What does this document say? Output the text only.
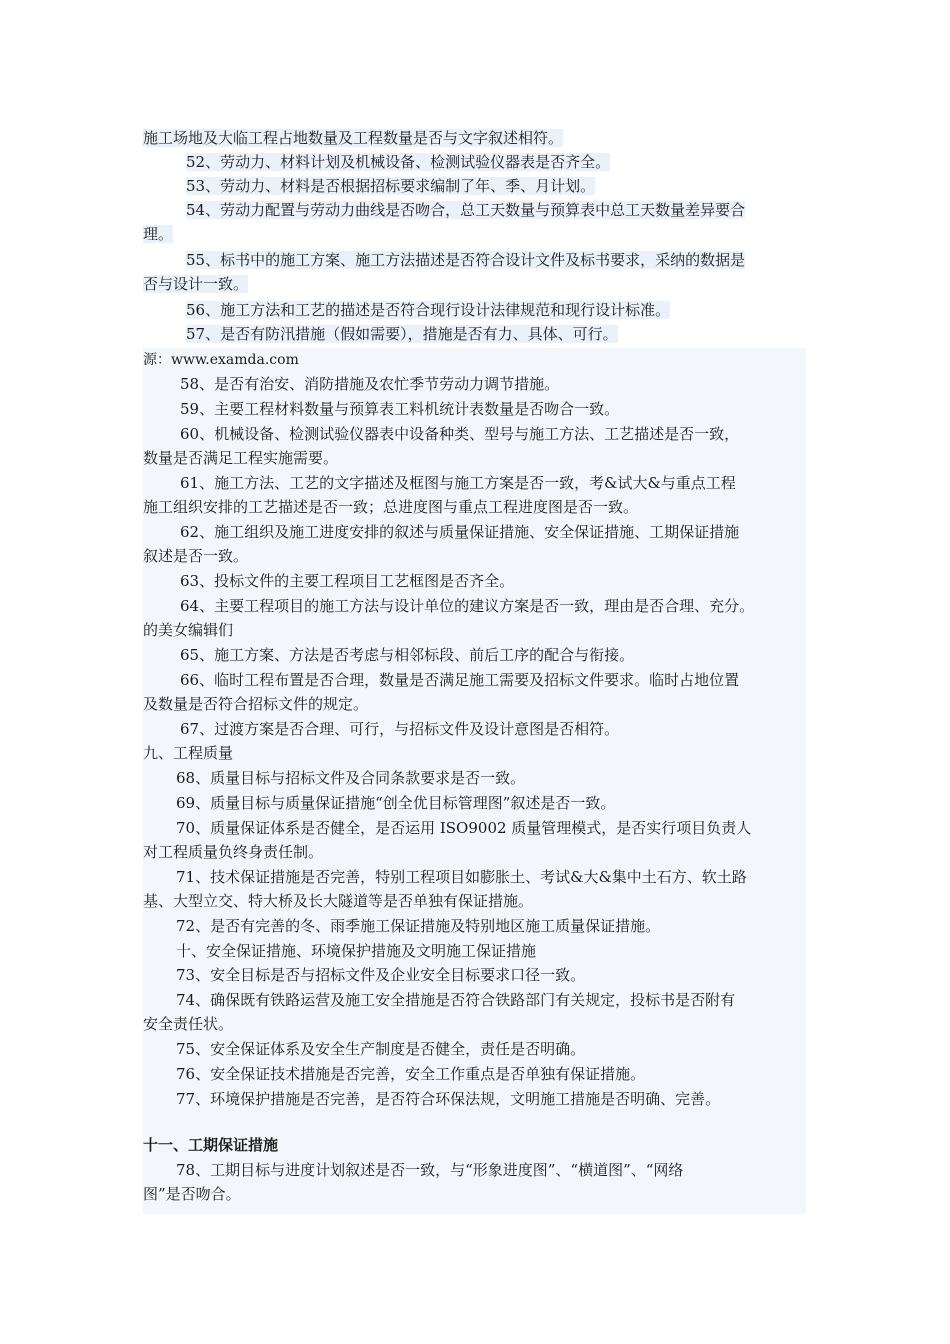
施工场地及大临工程占地数量及工程数量是否与文字叙述相符。
52、劳动力、材料计划及机械设备、检测试验仪器表是否齐全。
53、劳动力、材料是否根据招标要求编制了年、季、月计划。
54、劳动力配置与劳动力曲线是否吻合，总工天数量与预算表中总工天数量差异要合
理。
55、标书中的施工方案、施工方法描述是否符合设计文件及标书要求，采纳的数据是
否与设计一致。
56、施工方法和工艺的描述是否符合现行设计法律规范和现行设计标准。
57、是否有防汛措施（假如需要），措施是否有力、具体、可行。
源：www.examda.com
58、是否有治安、消防措施及农忙季节劳动力调节措施。
59、主要工程材料数量与预算表工料机统计表数量是否吻合一致。
60、机械设备、检测试验仪器表中设备种类、型号与施工方法、工艺描述是否一致，
数量是否满足工程实施需要。
61、施工方法、工艺的文字描述及框图与施工方案是否一致，考&试大&与重点工程
施工组织安排的工艺描述是否一致；总进度图与重点工程进度图是否一致。
62、施工组织及施工进度安排的叙述与质量保证措施、安全保证措施、工期保证措施
叙述是否一致。
63、投标文件的主要工程项目工艺框图是否齐全。
64、主要工程项目的施工方法与设计单位的建议方案是否一致，理由是否合理、充分。
的美女编辑们
65、施工方案、方法是否考虑与相邻标段、前后工序的配合与衔接。
66、临时工程布置是否合理，数量是否满足施工需要及招标文件要求。临时占地位置
及数量是否符合招标文件的规定。
67、过渡方案是否合理、可行，与招标文件及设计意图是否相符。
九、工程质量
68、质量目标与招标文件及合同条款要求是否一致。
69、质量目标与质量保证措施“创全优目标管理图”叙述是否一致。
70、质量保证体系是否健全，是否运用 ISO9002 质量管理模式，是否实行项目负责人
对工程质量负终身责任制。
71、技术保证措施是否完善，特别工程项目如膨胀土、考试&大&集中土石方、软土路
基、大型立交、特大桥及长大隧道等是否单独有保证措施。
72、是否有完善的冬、雨季施工保证措施及特别地区施工质量保证措施。
十、安全保证措施、环境保护措施及文明施工保证措施
73、安全目标是否与招标文件及企业安全目标要求口径一致。
74、确保既有铁路运营及施工安全措施是否符合铁路部门有关规定，投标书是否附有
安全责任状。
75、安全保证体系及安全生产制度是否健全，责任是否明确。
76、安全保证技术措施是否完善，安全工作重点是否单独有保证措施。
77、环境保护措施是否完善，是否符合环保法规，文明施工措施是否明确、完善。
十一、工期保证措施
78、工期目标与进度计划叙述是否一致，与“形象进度图”、“横道图”、“网络
图”是否吻合。
